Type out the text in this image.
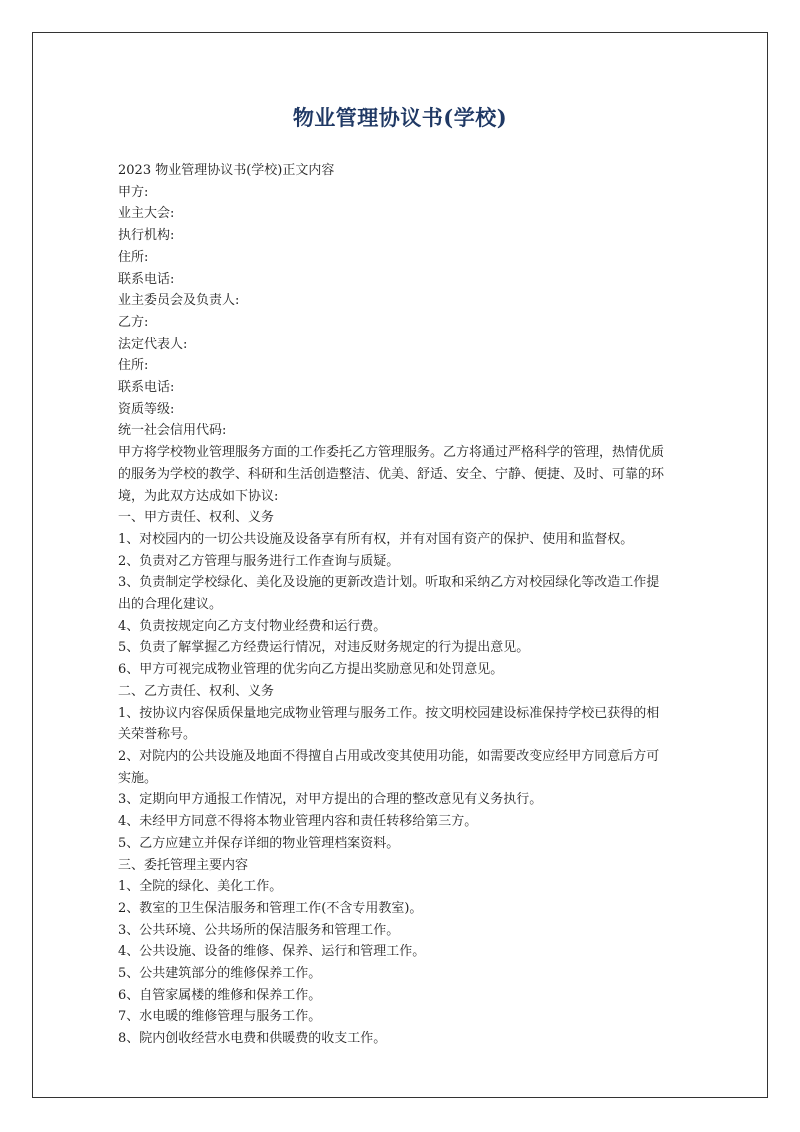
物业管理协议书(学校)
2023 物业管理协议书(学校)正文内容
甲方:
业主大会:
执行机构:
住所:
联系电话:
业主委员会及负责人:
乙方:
法定代表人:
住所:
联系电话:
资质等级:
统一社会信用代码:
甲方将学校物业管理服务方面的工作委托乙方管理服务。乙方将通过严格科学的管理，热情优质
的服务为学校的教学、科研和生活创造整洁、优美、舒适、安全、宁静、便捷、及时、可靠的环
境，为此双方达成如下协议:
一、甲方责任、权利、义务
1、对校园内的一切公共设施及设备享有所有权，并有对国有资产的保护、使用和监督权。
2、负责对乙方管理与服务进行工作查询与质疑。
3、负责制定学校绿化、美化及设施的更新改造计划。听取和采纳乙方对校园绿化等改造工作提
出的合理化建议。
4、负责按规定向乙方支付物业经费和运行费。
5、负责了解掌握乙方经费运行情况，对违反财务规定的行为提出意见。
6、甲方可视完成物业管理的优劣向乙方提出奖励意见和处罚意见。
二、乙方责任、权利、义务
1、按协议内容保质保量地完成物业管理与服务工作。按文明校园建设标准保持学校已获得的相
关荣誉称号。
2、对院内的公共设施及地面不得擅自占用或改变其使用功能，如需要改变应经甲方同意后方可
实施。
3、定期向甲方通报工作情况，对甲方提出的合理的整改意见有义务执行。
4、未经甲方同意不得将本物业管理内容和责任转移给第三方。
5、乙方应建立并保存详细的物业管理档案资料。
三、委托管理主要内容
1、全院的绿化、美化工作。
2、教室的卫生保洁服务和管理工作(不含专用教室)。
3、公共环境、公共场所的保洁服务和管理工作。
4、公共设施、设备的维修、保养、运行和管理工作。
5、公共建筑部分的维修保养工作。
6、自管家属楼的维修和保养工作。
7、水电暖的维修管理与服务工作。
8、院内创收经营水电费和供暖费的收支工作。
